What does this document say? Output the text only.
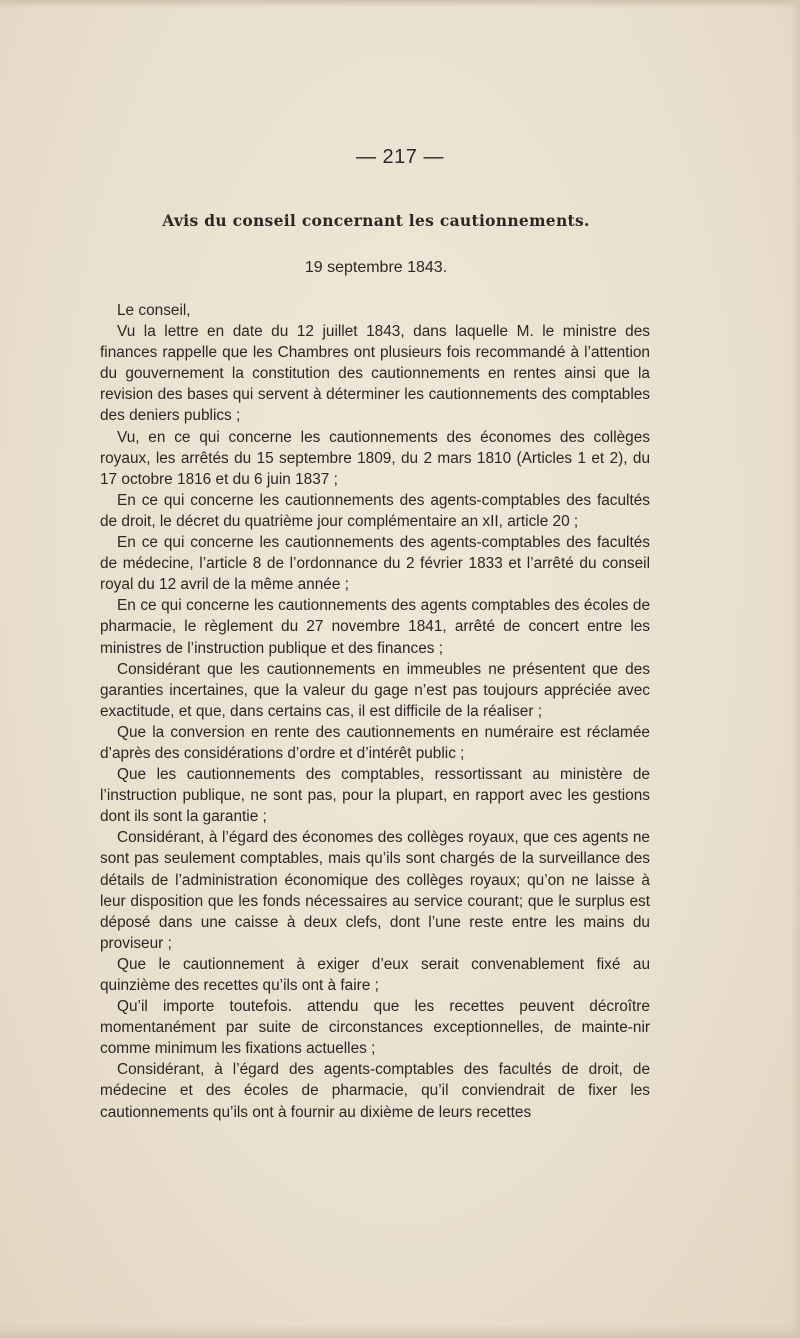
— 217 —
Avis du conseil concernant les cautionnements.
19 septembre 1843.

Le conseil,

Vu la lettre en date du 12 juillet 1843, dans laquelle M. le ministre des finances rappelle que les Chambres ont plusieurs fois recommandé à l’attention du gouvernement la constitution des cautionnements en rentes ainsi que la revision des bases qui servent à déterminer les cautionnements des comptables des deniers publics ;

Vu, en ce qui concerne les cautionnements des économes des collèges royaux, les arrêtés du 15 septembre 1809, du 2 mars 1810 (Articles 1 et 2), du 17 octobre 1816 et du 6 juin 1837 ;

En ce qui concerne les cautionnements des agents-comptables des facultés de droit, le décret du quatrième jour complémentaire an xII, article 20 ;

En ce qui concerne les cautionnements des agents-comptables des facultés de médecine, l’article 8 de l’ordonnance du 2 février 1833 et l’arrêté du conseil royal du 12 avril de la même année ;

En ce qui concerne les cautionnements des agents comptables des écoles de pharmacie, le règlement du 27 novembre 1841, arrêté de concert entre les ministres de l’instruction publique et des finances ;

Considérant que les cautionnements en immeubles ne présentent que des garanties incertaines, que la valeur du gage n’est pas toujours appréciée avec exactitude, et que, dans certains cas, il est difficile de la réaliser ;

Que la conversion en rente des cautionnements en numéraire est réclamée d’après des considérations d’ordre et d’intérêt public ;

Que les cautionnements des comptables, ressortissant au ministère de l’instruction publique, ne sont pas, pour la plupart, en rapport avec les gestions dont ils sont la garantie ;

Considérant, à l’égard des économes des collèges royaux, que ces agents ne sont pas seulement comptables, mais qu’ils sont chargés de la surveillance des détails de l’administration économique des collèges royaux; qu’on ne laisse à leur disposition que les fonds nécessaires au service courant; que le surplus est déposé dans une caisse à deux clefs, dont l’une reste entre les mains du proviseur ;

Que le cautionnement à exiger d’eux serait convenablement fixé au quinzième des recettes qu’ils ont à faire ;

Qu’il importe toutefois. attendu que les recettes peuvent décroître momentanément par suite de circonstances exceptionnelles, de mainte-nir comme minimum les fixations actuelles ;

Considérant, à l’égard des agents-comptables des facultés de droit, de médecine et des écoles de pharmacie, qu’il conviendrait de fixer les cautionnements qu’ils ont à fournir au dixième de leurs recettes
